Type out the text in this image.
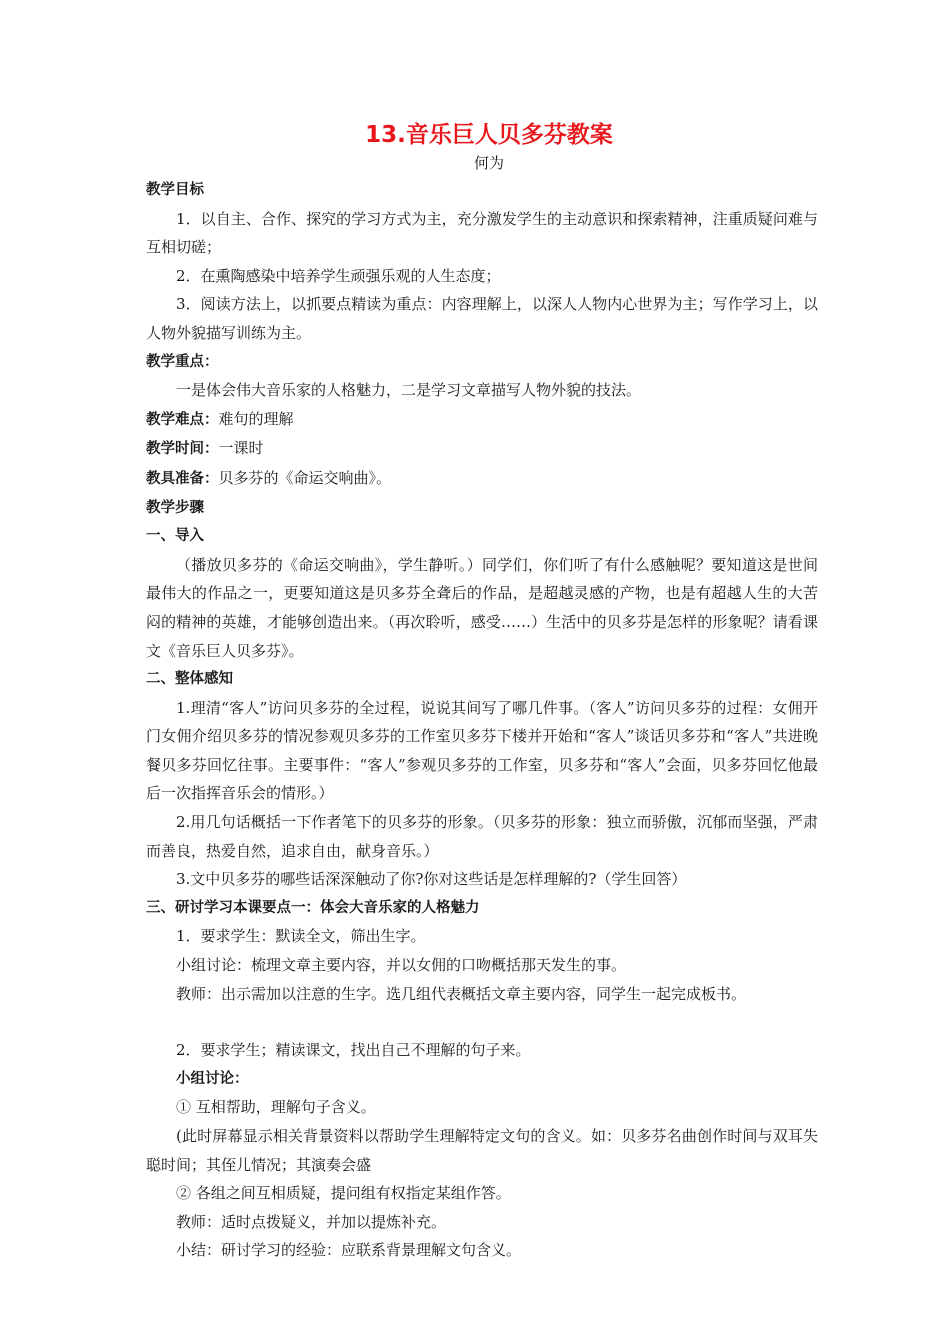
13.音乐巨人贝多芬教案
何为

教学目标

1．以自主、合作、探究的学习方式为主，充分激发学生的主动意识和探索精神，注重质疑问难与互相切磋；

2．在熏陶感染中培养学生顽强乐观的人生态度；

3．阅读方法上，以抓要点精读为重点：内容理解上，以深人人物内心世界为主；写作学习上，以人物外貌描写训练为主。

教学重点：

一是体会伟大音乐家的人格魅力，二是学习文章描写人物外貌的技法。

教学难点：难句的理解

教学时间：一课时

教具准备：贝多芬的《命运交响曲》。

教学步骤

一、导入

（播放贝多芬的《命运交响曲》，学生静听。）同学们，你们听了有什么感触呢？要知道这是世间最伟大的作品之一，更要知道这是贝多芬全聋后的作品，是超越灵感的产物，也是有超越人生的大苦闷的精神的英雄，才能够创造出来。（再次聆听，感受……）生活中的贝多芬是怎样的形象呢？请看课文《音乐巨人贝多芬》。

二、整体感知

1.理清“客人”访问贝多芬的全过程，说说其间写了哪几件事。（客人”访问贝多芬的过程：女佣开门女佣介绍贝多芬的情况参观贝多芬的工作室贝多芬下楼并开始和“客人”谈话贝多芬和“客人”共进晚餐贝多芬回忆往事。主要事件：“客人”参观贝多芬的工作室，贝多芬和“客人”会面，贝多芬回忆他最后一次指挥音乐会的情形。）

2.用几句话概括一下作者笔下的贝多芬的形象。（贝多芬的形象：独立而骄傲，沉郁而坚强，严肃而善良，热爱自然，追求自由，献身音乐。）

3.文中贝多芬的哪些话深深触动了你?你对这些话是怎样理解的?（学生回答）

三、研讨学习本课要点一：体会大音乐家的人格魅力

1．要求学生：默读全文，筛出生字。

小组讨论：梳理文章主要内容，并以女佣的口吻概括那天发生的事。

教师：出示需加以注意的生字。选几组代表概括文章主要内容，同学生一起完成板书。

2．要求学生；精读课文，找出自己不理解的句子来。

小组讨论：

① 互相帮助，理解句子含义。

(此时屏幕显示相关背景资料以帮助学生理解特定文句的含义。如：贝多芬名曲创作时间与双耳失聪时间；其侄儿情况；其演奏会盛

② 各组之间互相质疑，提问组有权指定某组作答。

教师：适时点拨疑义，并加以提炼补充。

小结：研讨学习的经验：应联系背景理解文句含义。
